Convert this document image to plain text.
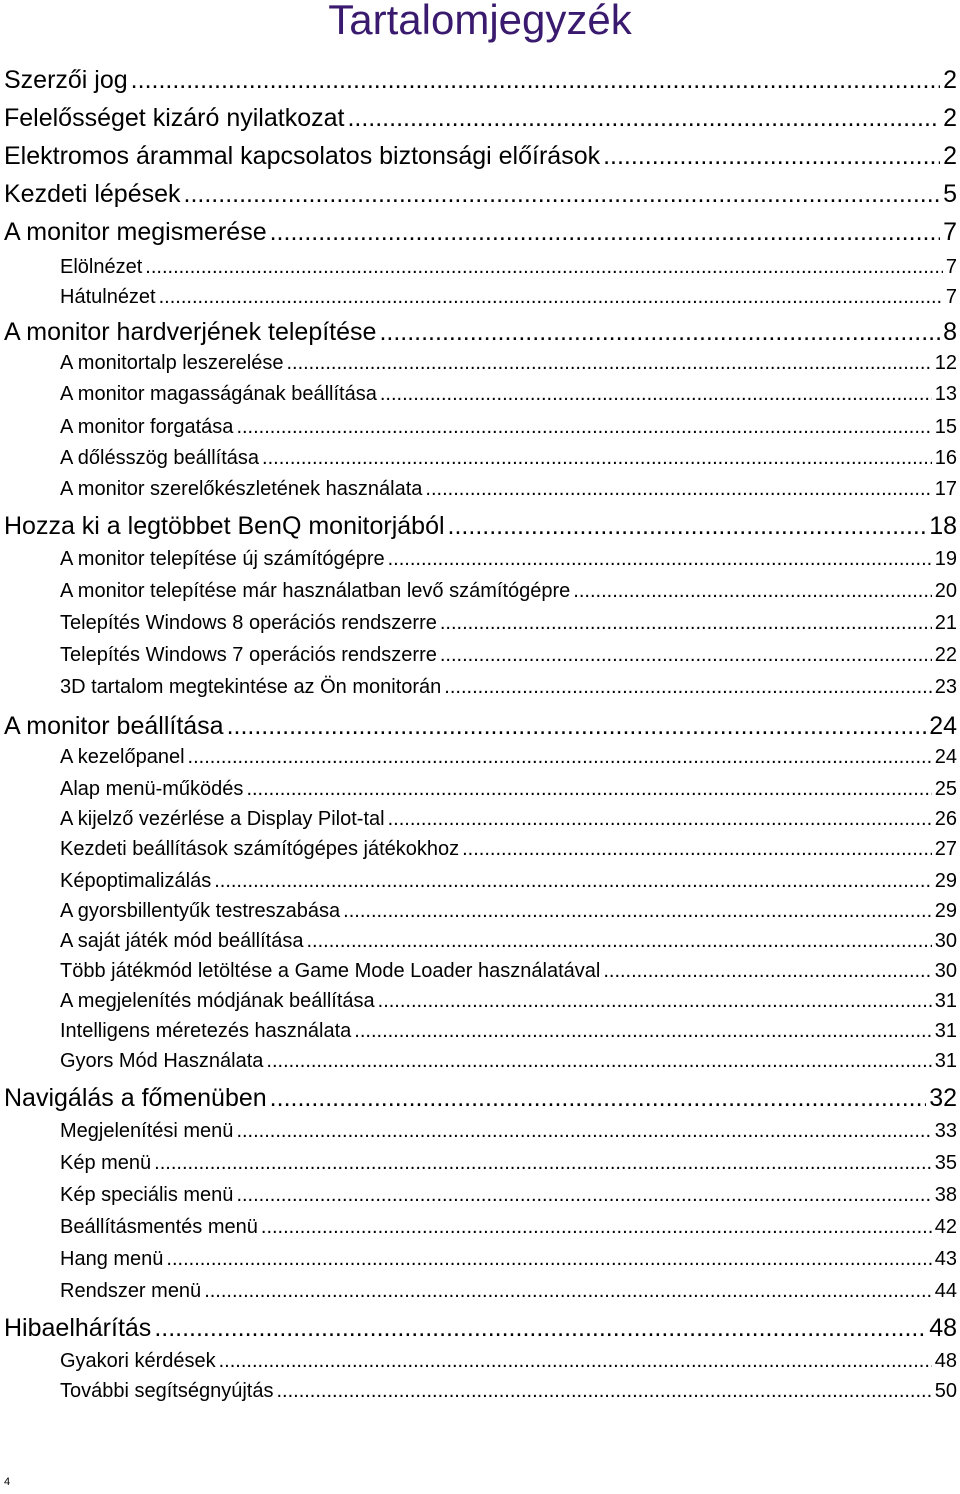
Tartalomjegyzék
Szerzői jog .....	2
Felelősséget kizáró nyilatkozat .....	2
Elektromos árammal kapcsolatos biztonsági előírások .....	2
Kezdeti lépések .....	5
A monitor megismerése .....	7
Elölnézet .....	7
Hátulnézet .....	7
A monitor hardverjének telepítése .....	8
A monitortalp leszerelése .....	12
A monitor magasságának beállítása .....	13
A monitor forgatása .....	15
A dőlésszög beállítása .....	16
A monitor szerelőkészletének használata .....	17
Hozza ki a legtöbbet BenQ monitorjából .....	18
A monitor telepítése új számítógépre .....	19
A monitor telepítése már használatban levő számítógépre .....	20
Telepítés Windows 8 operációs rendszerre .....	21
Telepítés Windows 7 operációs rendszerre .....	22
3D tartalom megtekintése az Ön monitorán .....	23
A monitor beállítása .....	24
A kezelőpanel .....	24
Alap menü-működés .....	25
A kijelző vezérlése a Display Pilot-tal .....	26
Kezdeti beállítások számítógépes játékokhoz .....	27
Képoptimalizálás .....	29
A gyorsbillentyűk testreszabása .....	29
A saját játék mód beállítása .....	30
Több játékmód letöltése a Game Mode Loader használatával .....	30
A megjelenítés módjának beállítása .....	31
Intelligens méretezés használata .....	31
Gyors Mód Használata .....	31
Navigálás a főmenüben .....	32
Megjelenítési menü .....	33
Kép menü .....	35
Kép speciális menü .....	38
Beállításmentés menü .....	42
Hang menü .....	43
Rendszer menü .....	44
Hibaelhárítás .....	48
Gyakori kérdések .....	48
További segítségnyújtás .....	50
4
